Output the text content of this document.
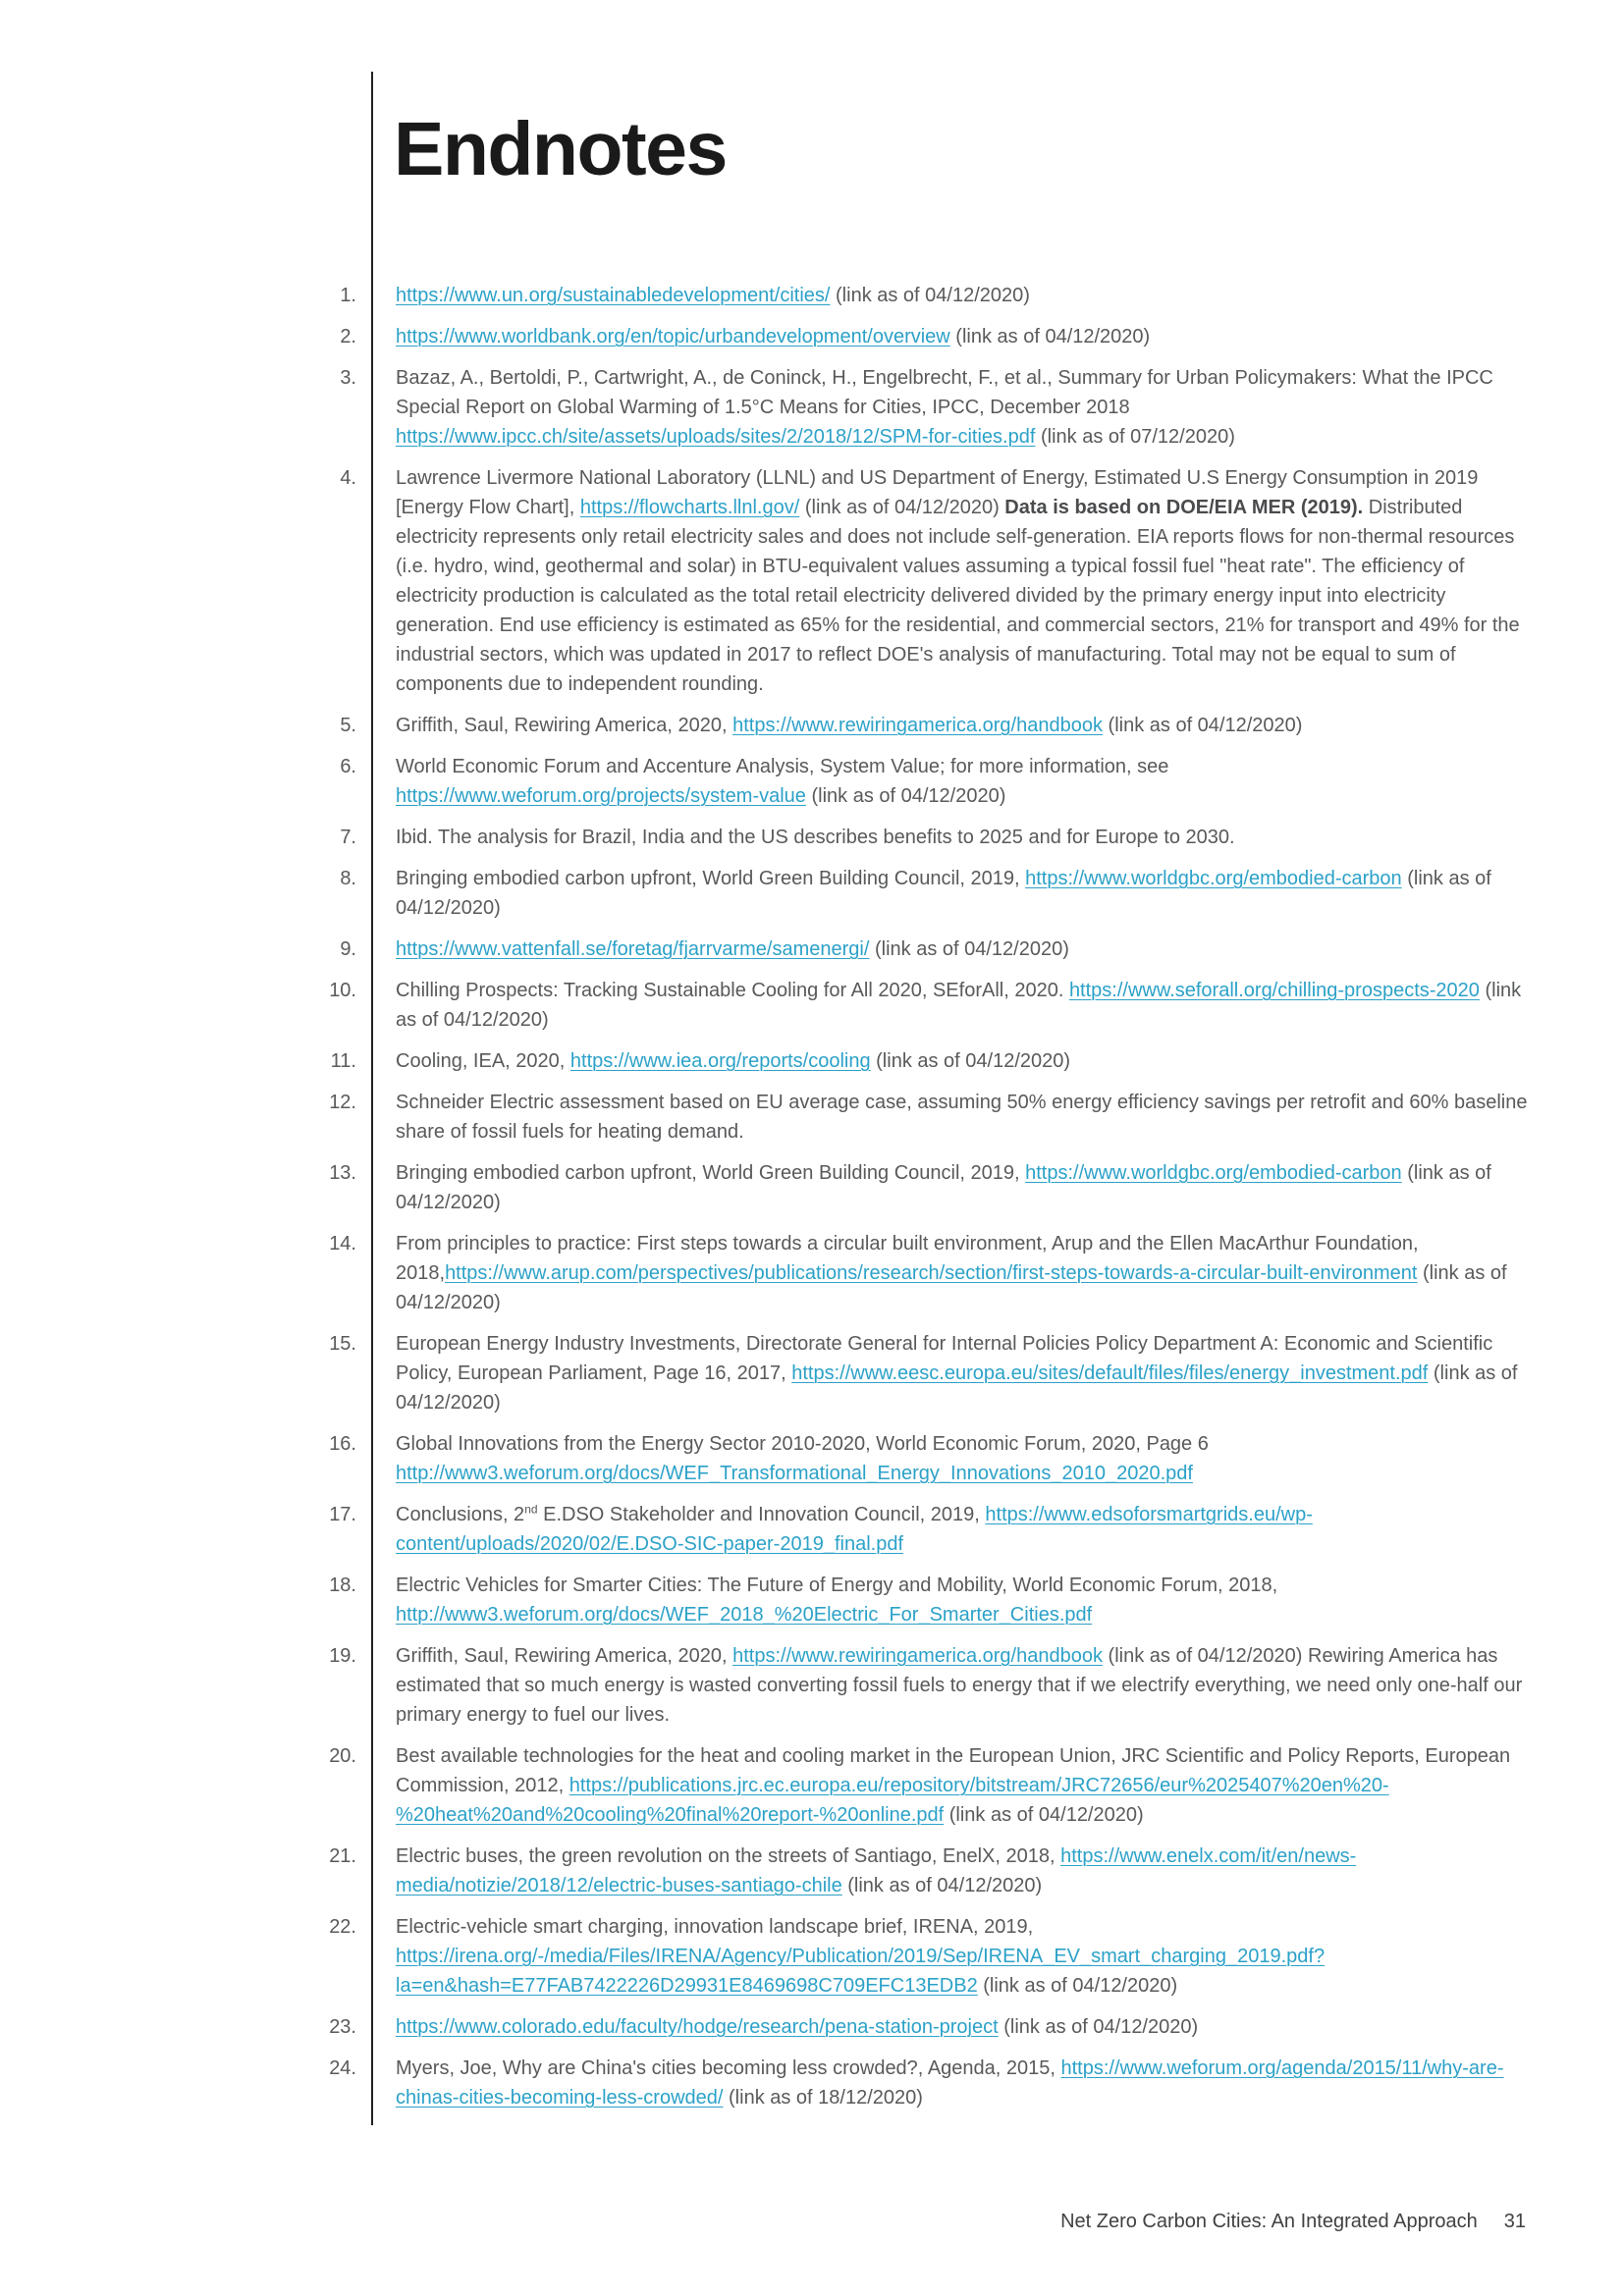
Endnotes
1. https://www.un.org/sustainabledevelopment/cities/ (link as of 04/12/2020)
2. https://www.worldbank.org/en/topic/urbandevelopment/overview (link as of 04/12/2020)
3. Bazaz, A., Bertoldi, P., Cartwright, A., de Coninck, H., Engelbrecht, F., et al., Summary for Urban Policymakers: What the IPCC Special Report on Global Warming of 1.5°C Means for Cities, IPCC, December 2018 https://www.ipcc.ch/site/assets/uploads/sites/2/2018/12/SPM-for-cities.pdf (link as of 07/12/2020)
4. Lawrence Livermore National Laboratory (LLNL) and US Department of Energy, Estimated U.S Energy Consumption in 2019 [Energy Flow Chart], https://flowcharts.llnl.gov/ (link as of 04/12/2020) Data is based on DOE/EIA MER (2019). Distributed electricity represents only retail electricity sales and does not include self-generation. EIA reports flows for non-thermal resources (i.e. hydro, wind, geothermal and solar) in BTU-equivalent values assuming a typical fossil fuel "heat rate". The efficiency of electricity production is calculated as the total retail electricity delivered divided by the primary energy input into electricity generation. End use efficiency is estimated as 65% for the residential, and commercial sectors, 21% for transport and 49% for the industrial sectors, which was updated in 2017 to reflect DOE's analysis of manufacturing. Total may not be equal to sum of components due to independent rounding.
5. Griffith, Saul, Rewiring America, 2020, https://www.rewiringamerica.org/handbook (link as of 04/12/2020)
6. World Economic Forum and Accenture Analysis, System Value; for more information, see https://www.weforum.org/projects/system-value (link as of 04/12/2020)
7. Ibid. The analysis for Brazil, India and the US describes benefits to 2025 and for Europe to 2030.
8. Bringing embodied carbon upfront, World Green Building Council, 2019, https://www.worldgbc.org/embodied-carbon (link as of 04/12/2020)
9. https://www.vattenfall.se/foretag/fjarrvarme/samenergi/ (link as of 04/12/2020)
10. Chilling Prospects: Tracking Sustainable Cooling for All 2020, SEforAll, 2020. https://www.seforall.org/chilling-prospects-2020 (link as of 04/12/2020)
11. Cooling, IEA, 2020, https://www.iea.org/reports/cooling (link as of 04/12/2020)
12. Schneider Electric assessment based on EU average case, assuming 50% energy efficiency savings per retrofit and 60% baseline share of fossil fuels for heating demand.
13. Bringing embodied carbon upfront, World Green Building Council, 2019, https://www.worldgbc.org/embodied-carbon (link as of 04/12/2020)
14. From principles to practice: First steps towards a circular built environment, Arup and the Ellen MacArthur Foundation, 2018,https://www.arup.com/perspectives/publications/research/section/first-steps-towards-a-circular-built-environment (link as of 04/12/2020)
15. European Energy Industry Investments, Directorate General for Internal Policies Policy Department A: Economic and Scientific Policy, European Parliament, Page 16, 2017, https://www.eesc.europa.eu/sites/default/files/files/energy_investment.pdf (link as of 04/12/2020)
16. Global Innovations from the Energy Sector 2010-2020, World Economic Forum, 2020, Page 6 http://www3.weforum.org/docs/WEF_Transformational_Energy_Innovations_2010_2020.pdf
17. Conclusions, 2nd E.DSO Stakeholder and Innovation Council, 2019, https://www.edsoforsmartgrids.eu/wp-content/uploads/2020/02/E.DSO-SIC-paper-2019_final.pdf
18. Electric Vehicles for Smarter Cities: The Future of Energy and Mobility, World Economic Forum, 2018, http://www3.weforum.org/docs/WEF_2018_%20Electric_For_Smarter_Cities.pdf
19. Griffith, Saul, Rewiring America, 2020, https://www.rewiringamerica.org/handbook (link as of 04/12/2020) Rewiring America has estimated that so much energy is wasted converting fossil fuels to energy that if we electrify everything, we need only one-half our primary energy to fuel our lives.
20. Best available technologies for the heat and cooling market in the European Union, JRC Scientific and Policy Reports, European Commission, 2012, https://publications.jrc.ec.europa.eu/repository/bitstream/JRC72656/eur%2025407%20en%20-%20heat%20and%20cooling%20final%20report-%20online.pdf (link as of 04/12/2020)
21. Electric buses, the green revolution on the streets of Santiago, EnelX, 2018, https://www.enelx.com/it/en/news-media/notizie/2018/12/electric-buses-santiago-chile (link as of 04/12/2020)
22. Electric-vehicle smart charging, innovation landscape brief, IRENA, 2019, https://irena.org/-/media/Files/IRENA/Agency/Publication/2019/Sep/IRENA_EV_smart_charging_2019.pdf?la=en&hash=E77FAB7422226D29931E8469698C709EFC13EDB2 (link as of 04/12/2020)
23. https://www.colorado.edu/faculty/hodge/research/pena-station-project (link as of 04/12/2020)
24. Myers, Joe, Why are China's cities becoming less crowded?, Agenda, 2015, https://www.weforum.org/agenda/2015/11/why-are-chinas-cities-becoming-less-crowded/ (link as of 18/12/2020)
Net Zero Carbon Cities: An Integrated Approach 31
